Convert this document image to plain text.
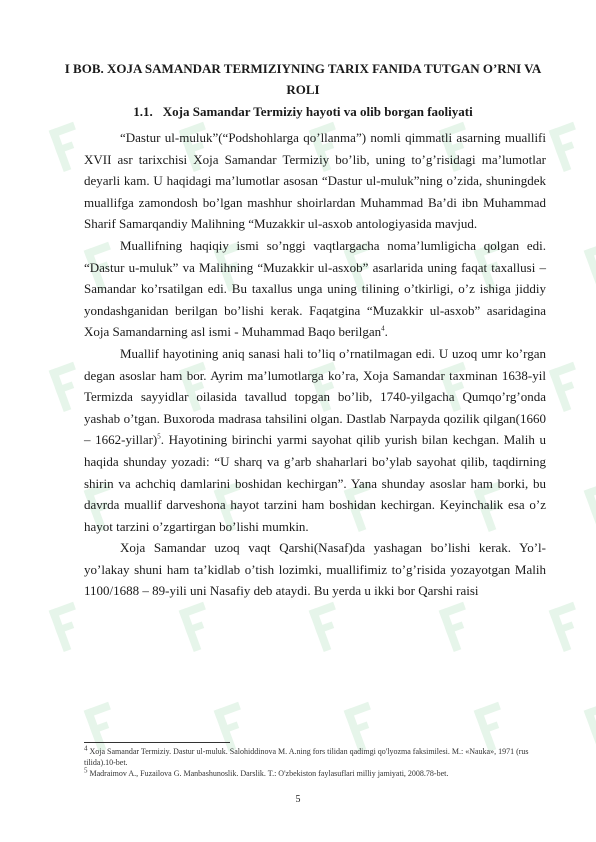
I BOB. XOJA SAMANDAR TERMIZIYNING TARIX FANIDA TUTGAN O’RNI VA ROLI
1.1. Xoja Samandar Termiziy hayoti va olib borgan faoliyati

“Dastur ul-muluk”(“Podshohlarga qo’llanma”) nomli qimmatli asarning muallifi XVII asr tarixchisi Xoja Samandar Termiziy bo’lib, uning to’g’risidagi ma’lumotlar deyarli kam. U haqidagi ma’lumotlar asosan “Dastur ul-muluk”ning o’zida, shuningdek muallifga zamondosh bo’lgan mashhur shoirlardan Muhammad Ba’di ibn Muhammad Sharif Samarqandiy Malihning “Muzakkir ul-asxob antologiyasida mavjud.

Muallifning haqiqiy ismi so’nggi vaqtlargacha noma’lumligicha qolgan edi. “Dastur u-muluk” va Malihning “Muzakkir ul-asxob” asarlarida uning faqat taxallusi – Samandar ko’rsatilgan edi. Bu taxallus unga uning tilining o’tkirligi, o’z ishiga jiddiy yondashganidan berilgan bo’lishi kerak. Faqatgina “Muzakkir ul-asxob” asaridagina Xoja Samandarning asl ismi - Muhammad Baqo berilgan$^4$.

Muallif hayotining aniq sanasi hali to’liq o’rnatilmagan edi. U uzoq umr ko’rgan degan asoslar ham bor. Ayrim ma’lumotlarga ko’ra, Xoja Samandar taxminan 1638-yil Termizda sayyidlar oilasida tavallud topgan bo’lib, 1740-yilgacha Qumqo’rg’onda yashab o’tgan. Buxoroda madrasa tahsilini olgan. Dastlab Narpayda qozilik qilgan(1660 – 1662-yillar)$^5$. Hayotining birinchi yarmi sayohat qilib yurish bilan kechgan. Malih u haqida shunday yozadi: “U sharq va g’arb shaharlari bo’ylab sayohat qilib, taqdirning shirin va achchiq damlarini boshidan kechirgan”. Yana shunday asoslar ham borki, bu davrda muallif darveshona hayot tarzini ham boshidan kechirgan. Keyinchalik esa o’z hayot tarzini o’zgartirgan bo’lishi mumkin.

Xoja Samandar uzoq vaqt Qarshi(Nasaf)da yashagan bo’lishi kerak. Yo’l-yo’lakay shuni ham ta’kidlab o’tish lozimki, muallifimiz to’g’risida yozayotgan Malih 1100/1688 – 89-yili uni Nasafiy deb ataydi. Bu yerda u ikki bor Qarshi raisi

$^4$ Xoja Samandar Termiziy. Dastur ul-muluk. Salohiddinova M. A.ning fors tilidan qadimgi qo'lyozma faksimilesi. M.: «Nauka», 1971 (rus tilida).10-bet.
$^5$ Madraimov A., Fuzailova G. Manbashunoslik. Darslik. T.: O'zbekiston faylasuflari milliy jamiyati, 2008.78-bet.
5
